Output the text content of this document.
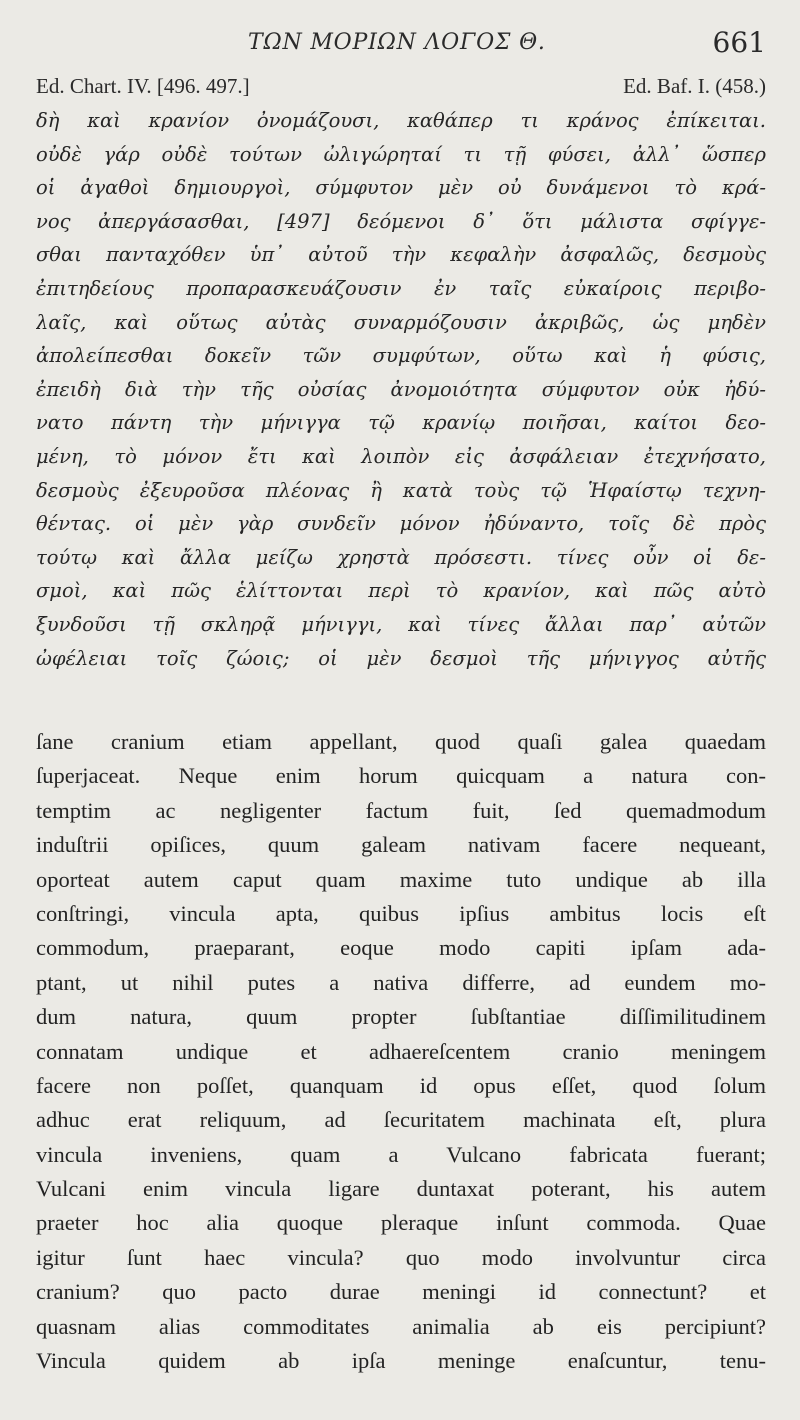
ΤΩΝ ΜΟΡΙΩΝ ΛΟΓΟΣ Θ.	661
Ed. Chart. IV. [496. 497.]	Ed. Baf. I. (458.)
δὴ καὶ κρανίον ὀνομάζουσι, καθάπερ τι κράνος ἐπίκειται.
οὐδὲ γάρ οὐδὲ τούτων ὠλιγώρηταί τι τῇ φύσει, ἀλλ᾽ ὥσπερ
οἱ ἀγαθοὶ δημιουργοὶ, σύμφυτον μὲν οὐ δυνάμενοι τὸ κρά-
νος ἀπεργάσασθαι, [497] δεόμενοι δ᾽ ὅτι μάλιστα σφίγγε-
σθαι πανταχόθεν ὑπ᾽ αὐτοῦ τὴν κεφαλὴν ἀσφαλῶς, δεσμοὺς
ἐπιτηδείους προπαρασκευάζουσιν ἐν ταῖς εὐκαίροις περιβο-
λαῖς, καὶ οὕτως αὐτὰς συναρμόζουσιν ἀκριβῶς, ὡς μηδὲν
ἀπολείπεσθαι δοκεῖν τῶν συμφύτων, οὕτω καὶ ἡ φύσις,
ἐπειδὴ διὰ τὴν τῆς οὐσίας ἀνομοιότητα σύμφυτον οὐκ ἠδύ-
νατο πάντη τὴν μήνιγγα τῷ κρανίῳ ποιῆσαι, καίτοι δεο-
μένη, τὸ μόνον ἔτι καὶ λοιπὸν εἰς ἀσφάλειαν ἐτεχνήσατο,
δεσμοὺς ἐξευροῦσα πλέονας ἢ κατὰ τοὺς τῷ Ἡφαίστῳ τεχνη-
θέντας. οἱ μὲν γὰρ συνδεῖν μόνον ἠδύναντο, τοῖς δὲ πρὸς
τούτῳ καὶ ἄλλα μείζω χρηστὰ πρόσεστι. τίνες οὖν οἱ δε-
σμοὶ, καὶ πῶς ἑλίττονται περὶ τὸ κρανίον, καὶ πῶς αὐτὸ
ξυνδοῦσι τῇ σκληρᾷ μήνιγγι, καὶ τίνες ἄλλαι παρ᾽ αὐτῶν
ὠφέλειαι τοῖς ζώοις; οἱ μὲν δεσμοὶ τῆς μήνιγγος αὐτῆς
ſane cranium etiam appellant, quod quaſi galea quaedam
ſuperjaceat. Neque enim horum quicquam a natura con-
temptim ac negligenter factum fuit, ſed quemadmodum
induſtrii opiſices, quum galeam nativam facere nequeant,
oporteat autem caput quam maxime tuto undique ab illa
conſtringi, vincula apta, quibus ipſius ambitus locis eſt
commodum, praeparant, eoque modo capiti ipſam ada-
ptant, ut nihil putes a nativa differre, ad eundem mo-
dum natura, quum propter ſubſtantiae diſſimilitudinem
connatam undique et adhaereſcentem cranio meningem
facere non poſſet, quanquam id opus eſſet, quod ſolum
adhuc erat reliquum, ad ſecuritatem machinata eſt, plura
vincula inveniens, quam a Vulcano fabricata fuerant;
Vulcani enim vincula ligare duntaxat poterant, his autem
praeter hoc alia quoque pleraque inſunt commoda. Quae
igitur ſunt haec vincula? quo modo involvuntur circa
cranium? quo pacto durae meningi id connectunt? et
quasnam alias commoditates animalia ab eis percipiunt?
Vincula quidem ab ipſa meninge enaſcuntur, tenu-
